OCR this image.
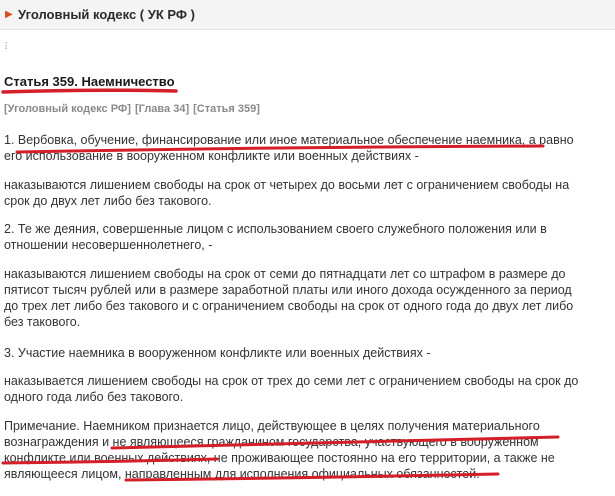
▶ Уголовный кодекс ( УК РФ )
⠇
Статья 359. Наемничество
[Уголовный кодекс РФ] [Глава 34] [Статья 359]
1. Вербовка, обучение, финансирование или иное материальное обеспечение наемника, а равно
его использование в вооруженном конфликте или военных действиях -
наказываются лишением свободы на срок от четырех до восьми лет с ограничением свободы на
срок до двух лет либо без такового.
2. Те же деяния, совершенные лицом с использованием своего служебного положения или в
отношении несовершеннолетнего, -
наказываются лишением свободы на срок от семи до пятнадцати лет со штрафом в размере до
пятисот тысяч рублей или в размере заработной платы или иного дохода осужденного за период
до трех лет либо без такового и с ограничением свободы на срок от одного года до двух лет либо
без такового.
3. Участие наемника в вооруженном конфликте или военных действиях -
наказывается лишением свободы на срок от трех до семи лет с ограничением свободы на срок до
одного года либо без такового.
Примечание. Наемником признается лицо, действующее в целях получения материального
вознаграждения и не являющееся гражданином государства, участвующего в вооруженном
конфликте или военных действиях, не проживающее постоянно на его территории, а также не
являющееся лицом, направленным для исполнения официальных обязанностей.
